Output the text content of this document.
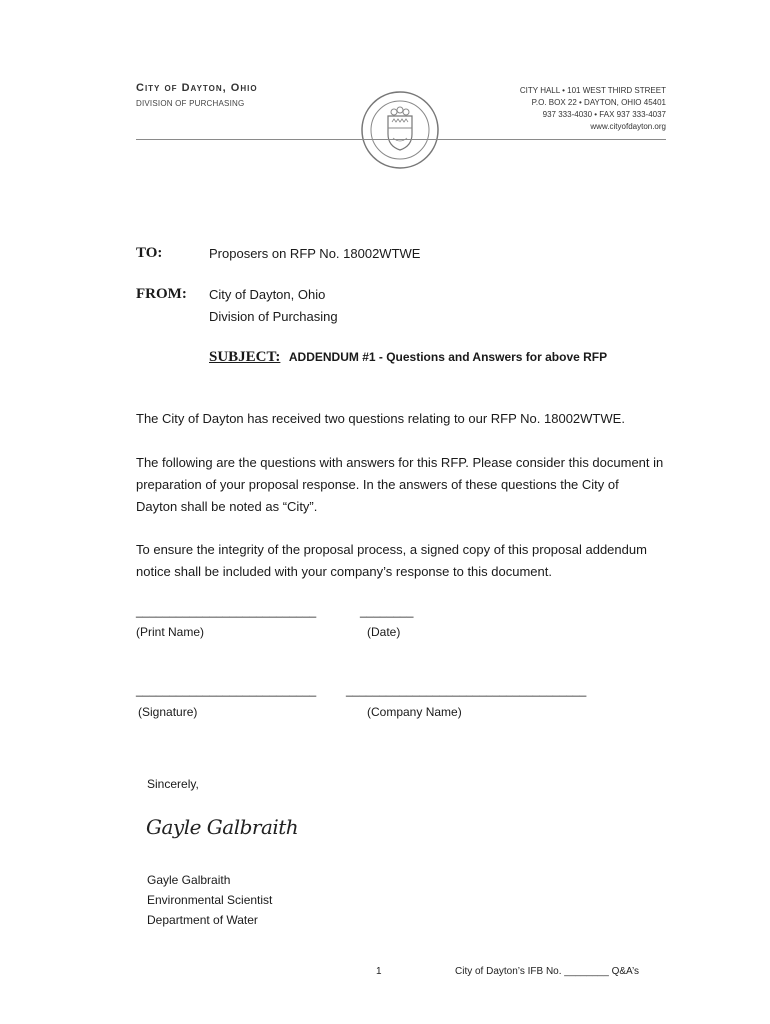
City of Dayton, Ohio
DIVISION OF PURCHASING
CITY HALL • 101 WEST THIRD STREET
P.O. BOX 22 • DAYTON, OHIO 45401
937 333-4030 • FAX 937 333-4037
www.cityofdayton.org
TO:	Proposers on RFP No. 18002WTWE
FROM: City of Dayton, Ohio
Division of Purchasing
SUBJECT: ADDENDUM #1 - Questions and Answers for above RFP
The City of Dayton has received two questions relating to our RFP No. 18002WTWE.
The following are the questions with answers for this RFP. Please consider this document in
preparation of your proposal response. In the answers of these questions the City of
Dayton shall be noted as “City”.
To ensure the integrity of the proposal process, a signed copy of this proposal addendum
notice shall be included with your company’s response to this document.
___________________________	________
(Print Name)	(Date)
___________________________ ____________________________________
(Signature)	(Company Name)
Sincerely,
Gayle Galbraith
Gayle Galbraith
Environmental Scientist
Department of Water
1	City of Dayton’s IFB No. ________ Q&A’s
